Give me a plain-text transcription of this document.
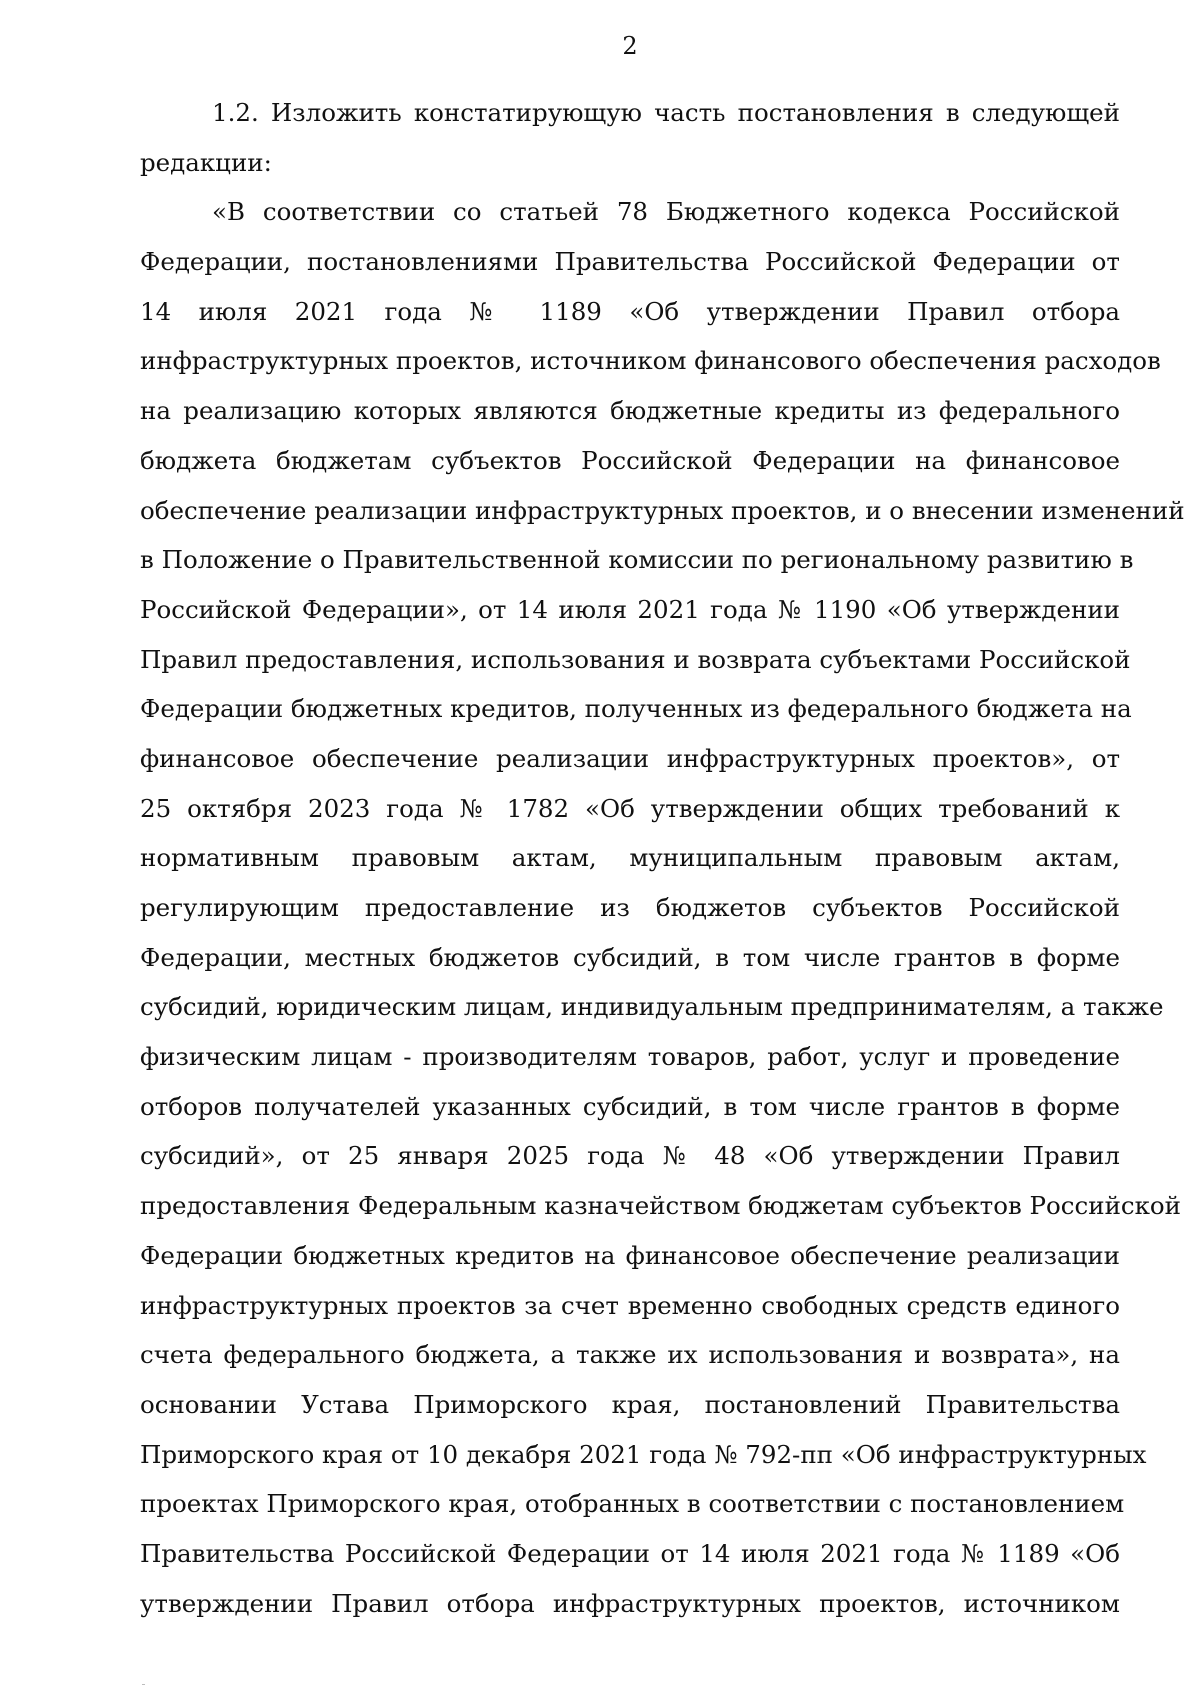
2
1.2. Изложить констатирующую часть постановления в следующей
редакции:
«В соответствии со статьей 78 Бюджетного кодекса Российской
Федерации, постановлениями Правительства Российской Федерации от
14 июля 2021 года № 1189 «Об утверждении Правил отбора
инфраструктурных проектов, источником финансового обеспечения расходов
на реализацию которых являются бюджетные кредиты из федерального
бюджета бюджетам субъектов Российской Федерации на финансовое
обеспечение реализации инфраструктурных проектов, и о внесении изменений
в Положение о Правительственной комиссии по региональному развитию в
Российской Федерации», от 14 июля 2021 года № 1190 «Об утверждении
Правил предоставления, использования и возврата субъектами Российской
Федерации бюджетных кредитов, полученных из федерального бюджета на
финансовое обеспечение реализации инфраструктурных проектов», от
25 октября 2023 года № 1782 «Об утверждении общих требований к
нормативным правовым актам, муниципальным правовым актам,
регулирующим предоставление из бюджетов субъектов Российской
Федерации, местных бюджетов субсидий, в том числе грантов в форме
субсидий, юридическим лицам, индивидуальным предпринимателям, а также
физическим лицам - производителям товаров, работ, услуг и проведение
отборов получателей указанных субсидий, в том числе грантов в форме
субсидий», от 25 января 2025 года № 48 «Об утверждении Правил
предоставления Федеральным казначейством бюджетам субъектов Российской
Федерации бюджетных кредитов на финансовое обеспечение реализации
инфраструктурных проектов за счет временно свободных средств единого
счета федерального бюджета, а также их использования и возврата», на
основании Устава Приморского края, постановлений Правительства
Приморского края от 10 декабря 2021 года № 792-пп «Об инфраструктурных
проектах Приморского края, отобранных в соответствии с постановлением
Правительства Российской Федерации от 14 июля 2021 года № 1189 «Об
утверждении Правил отбора инфраструктурных проектов, источником
